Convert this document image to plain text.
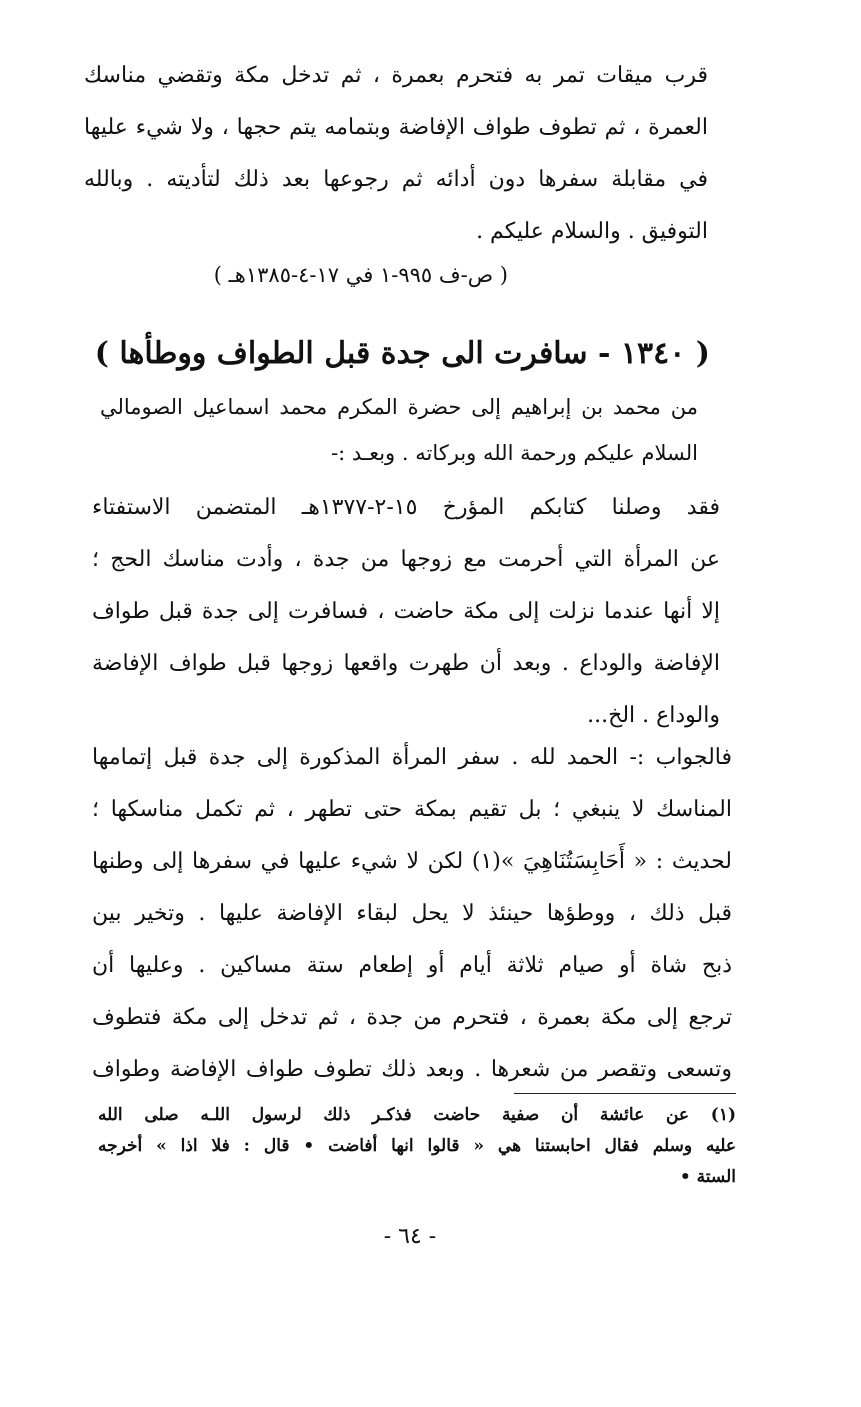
قرب ميقات تمر به فتحرم بعمرة ، ثم تدخل مكة وتقضي مناسك
العمرة ، ثم تطوف طواف الإفاضة وبتمامه يتم حجها ، ولا شيء عليها
في مقابلة سفرها دون أدائه ثم رجوعها بعد ذلك لتأديته . وبالله
التوفيق . والسلام عليكم .
( ص-ف ٩٩٥-١ في ١٧-٤-١٣٨٥هـ )
( ١٣٤٠ - سافرت الى جدة قبل الطواف ووطأها )
من محمد بن إبراهيم إلى حضرة المكرم محمد اسماعيل الصومالي
السلام عليكم ورحمة الله وبركاته . وبعـد :-
فقد وصلنا كتابكم المؤرخ ١٥-٢-١٣٧٧هـ المتضمن الاستفتاء
عن المرأة التي أحرمت مع زوجها من جدة ، وأدت مناسك الحج ؛
إلا أنها عندما نزلت إلى مكة حاضت ، فسافرت إلى جدة قبل طواف
الإفاضة والوداع . وبعد أن طهرت واقعها زوجها قبل طواف الإفاضة
والوداع . الخ...
فالجواب :- الحمد لله . سفر المرأة المذكورة إلى جدة قبل إتمامها
المناسك لا ينبغي ؛ بل تقيم بمكة حتى تطهر ، ثم تكمل مناسكها ؛
لحديث : « أَحَابِسَتُنَاهِيَ »(١) لكن لا شيء عليها في سفرها إلى وطنها
قبل ذلك ، ووطؤها حينئذ لا يحل لبقاء الإفاضة عليها . وتخير بين
ذبح شاة أو صيام ثلاثة أيام أو إطعام ستة مساكين . وعليها أن
ترجع إلى مكة بعمرة ، فتحرم من جدة ، ثم تدخل إلى مكة فتطوف
وتسعى وتقصر من شعرها . وبعد ذلك تطوف طواف الإفاضة وطواف
(١) عن عائشة أن صفية حاضت فذكـر ذلك لرسول اللـه صلى الله
عليه وسلم فقال احابستنا هي « قالوا انها أفاضت • قال : فلا اذا » أخرجه
الستة •
- ٦٤ -
